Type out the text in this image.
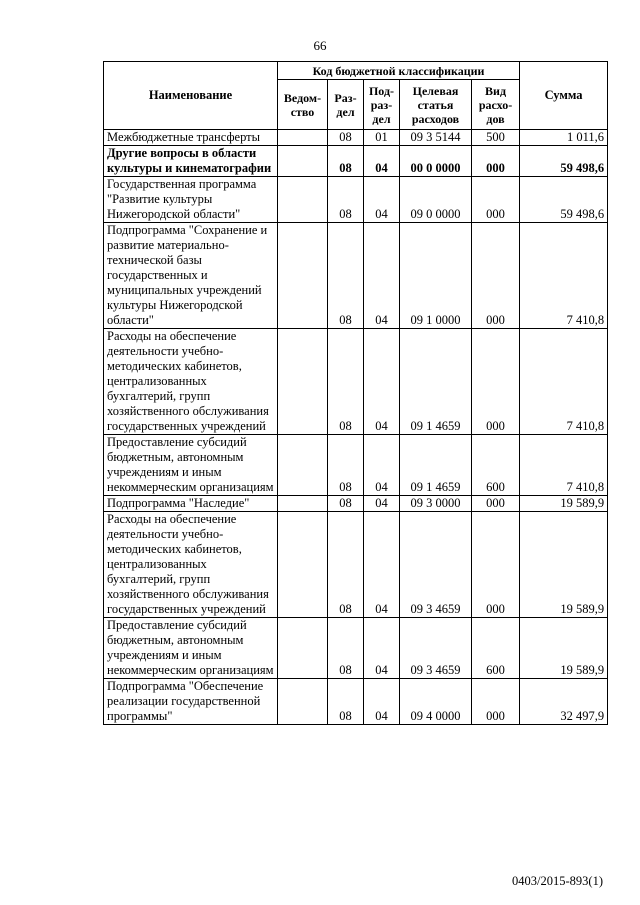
66
Наименование	Код бюджетной классификации					Сумма
	Ведом-ство	Раз-дел	Под-раз-дел	Целевая статья расходов	Вид расхо-дов	
Межбюджетные трансферты		08	01	09 3 5144	500	1 011,6
Другие вопросы в области культуры и кинематографии		08	04	00 0 0000	000	59 498,6
Государственная программа "Развитие культуры Нижегородской области"		08	04	09 0 0000	000	59 498,6
Подпрограмма "Сохранение и развитие материально-технической базы государственных и муниципальных учреждений культуры Нижегородской области"		08	04	09 1 0000	000	7 410,8
Расходы на обеспечение деятельности учебно-методических кабинетов, централизованных бухгалтерий, групп хозяйственного обслуживания государственных учреждений		08	04	09 1 4659	000	7 410,8
Предоставление субсидий бюджетным, автономным учреждениям и иным некоммерческим организациям		08	04	09 1 4659	600	7 410,8
Подпрограмма "Наследие"		08	04	09 3 0000	000	19 589,9
Расходы на обеспечение деятельности учебно-методических кабинетов, централизованных бухгалтерий, групп хозяйственного обслуживания государственных учреждений		08	04	09 3 4659	000	19 589,9
Предоставление субсидий бюджетным, автономным учреждениям и иным некоммерческим организациям		08	04	09 3 4659	600	19 589,9
Подпрограмма "Обеспечение реализации государственной программы"		08	04	09 4 0000	000	32 497,9
0403/2015-893(1)
